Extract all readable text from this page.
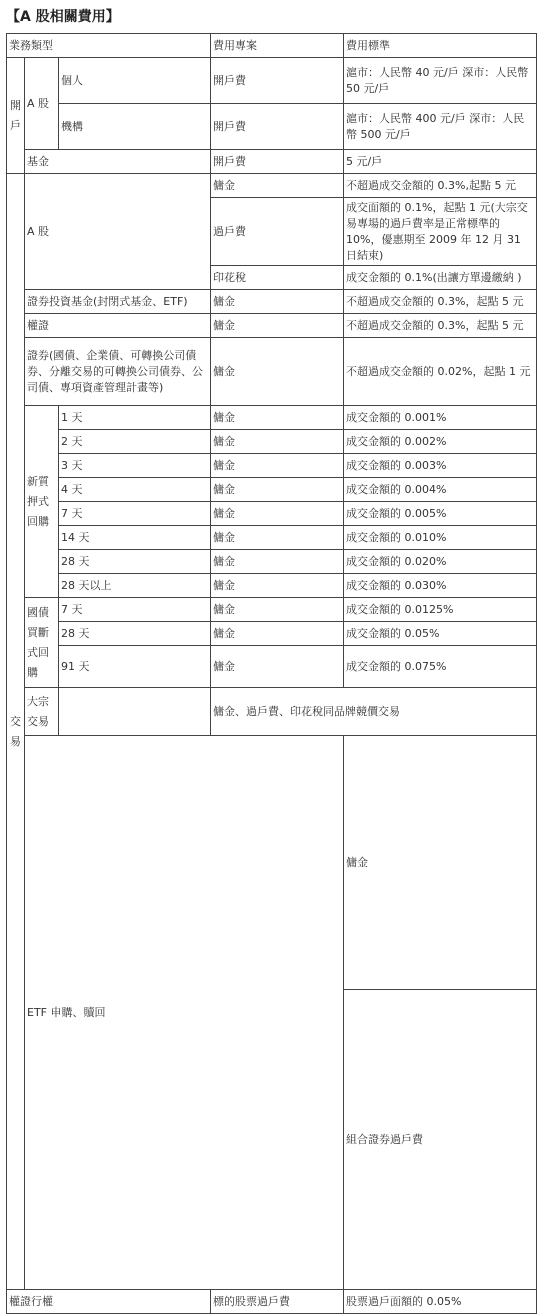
【A 股相關費用】
業務類型			費用專案	費用標準	

開戶	A 股	個人	開戶費	滬市：人民幣 40 元/戶 深市：人民幣 50 元/戶	
		機構	開戶費	滬市：人民幣 400 元/戶 深市：人民幣 500 元/戶	
	基金		開戶費	5 元/戶	

交易	A 股		傭金	不超過成交金額的 0.3%,起點 5 元	
			過戶費	成交面額的 0.1%，起點 1 元(大宗交易專場的過戶費率是正常標準的 10%，優惠期至 2009 年 12 月 31 日結束)	
			印花稅	成交金額的 0.1%(出讓方單邊繳納 )	
	證券投資基金(封閉式基金、ETF)		傭金	不超過成交金額的 0.3%，起點 5 元	
	權證		傭金	不超過成交金額的 0.3%，起點 5 元	
	證券(國債、企業債、可轉換公司債券、分離交易的可轉換公司債券、公司債、專項資產管理計畫等)		傭金	不超過成交金額的 0.02%，起點 1 元	

	新質押式回購	1 天	傭金	成交金額的 0.001%	
		2 天	傭金	成交金額的 0.002%	
		3 天	傭金	成交金額的 0.003%	
		4 天	傭金	成交金額的 0.004%	
		7 天	傭金	成交金額的 0.005%	
		14 天	傭金	成交金額的 0.010%	
		28 天	傭金	成交金額的 0.020%	
		28 天以上	傭金	成交金額的 0.030%	

	國債買斷式回購	7 天	傭金	成交金額的 0.0125%	
		28 天	傭金	成交金額的 0.05%	
		91 天	傭金	成交金額的 0.075%	

	大宗交易		傭金、過戶費、印花稅同品牌競價交易		
	ETF 申購、贖回			傭金	
				組合證券過戶費	
權證行權			標的股票過戶費	股票過戶面額的 0.05%	
